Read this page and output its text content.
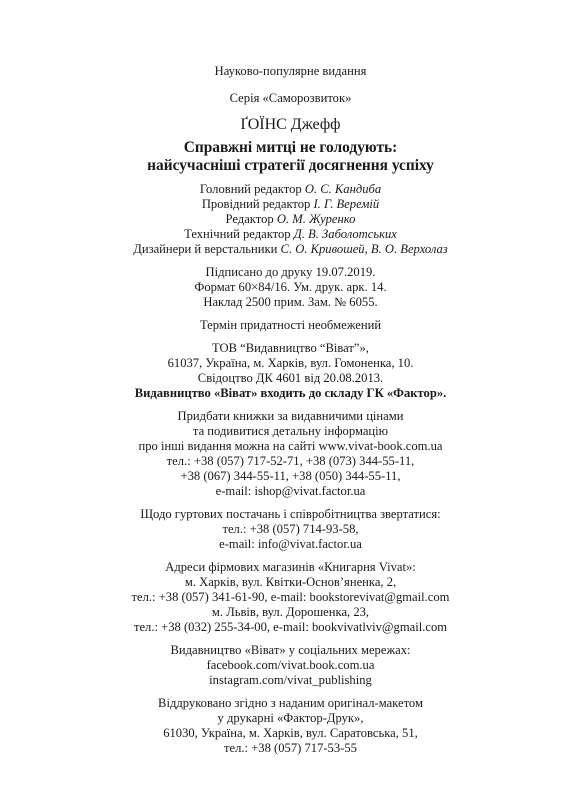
Науково-популярне видання
Серія «Саморозвиток»
ҐОЇНС Джефф
Справжні митці не голодують:
найсучасніші стратегії досягнення успіху
Головний редактор О. С. Кандиба
Провідний редактор І. Г. Веремій
Редактор О. М. Журенко
Технічний редактор Д. В. Заболотських
Дизайнери й верстальники С. О. Кривошей, В. О. Верхолаз
Підписано до друку 19.07.2019.
Формат 60×84/16. Ум. друк. арк. 14.
Наклад 2500 прим. Зам. № 6055.
Термін придатності необмежений
ТОВ “Видавництво “Віват”»,
61037, Україна, м. Харків, вул. Гомоненка, 10.
Свідоцтво ДК 4601 від 20.08.2013.
Видавництво «Віват» входить до складу ГК «Фактор».
Придбати книжки за видавничими цінами
та подивитися детальну інформацію
про інші видання можна на сайті www.vivat-book.com.ua
тел.: +38 (057) 717-52-71, +38 (073) 344-55-11,
+38 (067) 344-55-11, +38 (050) 344-55-11,
e-mail: ishop@vivat.factor.ua
Щодо гуртових постачань і співробітництва звертатися:
тел.: +38 (057) 714-93-58,
e-mail: info@vivat.factor.ua
Адреси фірмових магазинів «Книгарня Vivat»:
м. Харків, вул. Квітки-Основ’яненка, 2,
тел.: +38 (057) 341-61-90, e-mail: bookstorevivat@gmail.com
м. Львів, вул. Дорошенка, 23,
тел.: +38 (032) 255-34-00, e-mail: bookvivatlviv@gmail.com
Видавництво «Віват» у соціальних мережах:
facebook.com/vivat.book.com.ua
instagram.com/vivat_publishing
Віддруковано згідно з наданим оригінал-макетом
у друкарні «Фактор-Друк»,
61030, Україна, м. Харків, вул. Саратовська, 51,
тел.: +38 (057) 717-53-55
